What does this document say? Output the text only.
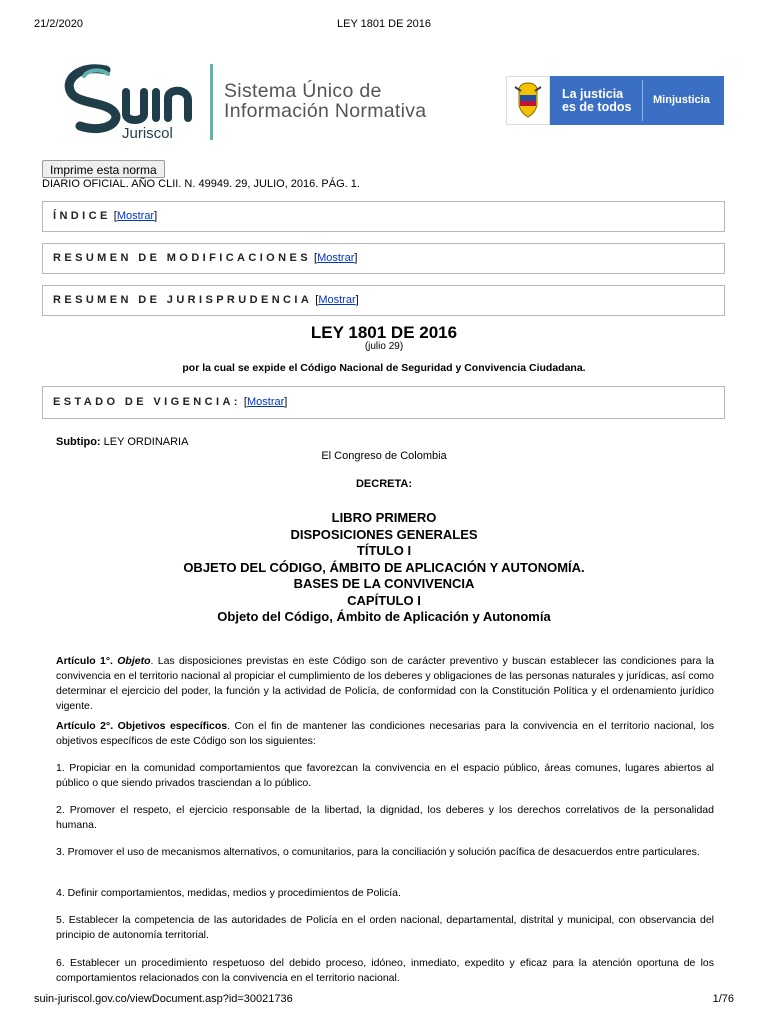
21/2/2020	LEY 1801 DE 2016
Juriscol
Sistema Único de
Información Normativa
La justicia
es de todos Minjusticia
Imprime esta norma
DIARIO OFICIAL. AÑO CLII. N. 49949. 29, JULIO, 2016. PÁG. 1.
ÍNDICE [Mostrar]
RESUMEN DE MODIFICACIONES [Mostrar]
RESUMEN DE JURISPRUDENCIA [Mostrar]
LEY 1801 DE 2016
(julio 29)
por la cual se expide el Código Nacional de Seguridad y Convivencia Ciudadana.
ESTADO DE VIGENCIA: [Mostrar]
Subtipo: LEY ORDINARIA
El Congreso de Colombia
DECRETA:
LIBRO PRIMERO
DISPOSICIONES GENERALES
TÍTULO I
OBJETO DEL CÓDIGO, ÁMBITO DE APLICACIÓN Y AUTONOMÍA.
BASES DE LA CONVIVENCIA
CAPÍTULO I
Objeto del Código, Ámbito de Aplicación y Autonomía

Artículo 1°. Objeto. Las disposiciones previstas en este Código son de carácter preventivo y buscan establecer las condiciones para la convivencia en el territorio nacional al propiciar el cumplimiento de los deberes y obligaciones de las personas naturales y jurídicas, así como determinar el ejercicio del poder, la función y la actividad de Policía, de conformidad con la Constitución Política y el ordenamiento jurídico vigente.

Artículo 2°. Objetivos específicos. Con el fin de mantener las condiciones necesarias para la convivencia en el territorio nacional, los objetivos específicos de este Código son los siguientes:

1. Propiciar en la comunidad comportamientos que favorezcan la convivencia en el espacio público, áreas comunes, lugares abiertos al público o que siendo privados trasciendan a lo público.

2. Promover el respeto, el ejercicio responsable de la libertad, la dignidad, los deberes y los derechos correlativos de la personalidad humana.

3. Promover el uso de mecanismos alternativos, o comunitarios, para la conciliación y solución pacífica de desacuerdos entre particulares.

4. Definir comportamientos, medidas, medios y procedimientos de Policía.

5. Establecer la competencia de las autoridades de Policía en el orden nacional, departamental, distrital y municipal, con observancia del principio de autonomía territorial.

6. Establecer un procedimiento respetuoso del debido proceso, idóneo, inmediato, expedito y eficaz para la atención oportuna de los comportamientos relacionados con la convivencia en el territorio nacional.

suin-juriscol.gov.co/viewDocument.asp?id=30021736	1/76
